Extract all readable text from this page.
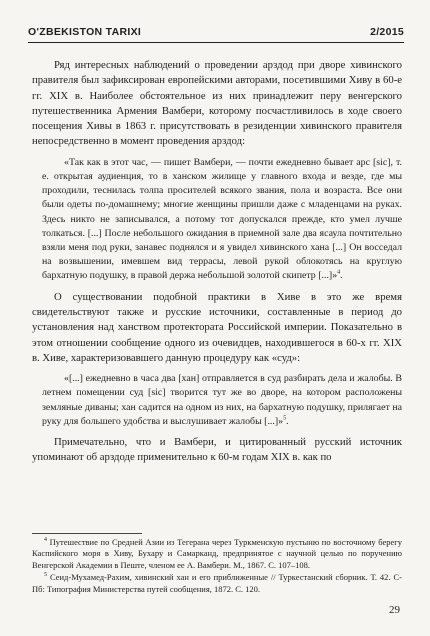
O'ZBEKISTON TARIXI	2/2015

Ряд интересных наблюдений о проведении арздод при дворе хивинского правителя был зафиксирован европейскими авторами, посетившими Хиву в 60-е гг. XIX в. Наиболее обстоятельное из них принадлежит перу венгерского путешественника Армения Вамбери, которому посчастливилось в ходе своего посещения Хивы в 1863 г. присутствовать в резиденции хивинского правителя непосредственно в момент проведения арздод:

«Так как в этот час, — пишет Вамбери, — почти ежедневно бывает арс [sic], т. е. открытая аудиенция, то в ханском жилище у главного входа и везде, где мы проходили, теснилась толпа просителей всякого звания, пола и возраста. Все они были одеты по-домашнему; многие женщины пришли даже с младенцами на руках. Здесь никто не записывался, а потому тот допускался прежде, кто умел лучше толкаться. [...] После небольшого ожидания в приемной зале два ясаула почтительно взяли меня под руки, занавес поднялся и я увидел хивинского хана [...] Он восседал на возвышении, имевшем вид террасы, левой рукой облокотясь на круглую бархатную подушку, в правой держа небольшой золотой скипетр [...]»$^4$.

О существовании подобной практики в Хиве в это же время свидетельствуют также и русские источники, составленные в период до установления над ханством протектората Российской империи. Показательно в этом отношении сообщение одного из очевидцев, находившегося в 60-х гг. XIX в. Хиве, характеризовавшего данную процедуру как «суд»:

«[...] ежедневно в часа два [хан] отправляется в суд разбирать дела и жалобы. В летнем помещении суд [sic] творится тут же во дворе, на котором расположены земляные диваны; хан садится на одном из них, на бархатную подушку, прилягает на руку для большего удобства и выслушивает жалобы [...]»$^5$.

Примечательно, что и Вамбери, и цитированный русский источник упоминают об арздоде применительно к 60-м годам XIX в. как по

$^4$ Путешествие по Средней Азии из Тегерана через Туркменскую пустыню по восточному берегу Каспийского моря в Хиву, Бухару и Самарканд, предпринятое с научной целью по поручению Венгерской Академии в Пеште, членом ее А. Вамбери. М., 1867. С. 107–108.

$^5$ Сеид-Мухамед-Рахим, хивинский хан и его приближенные // Туркестанский сборник. Т. 42. С-Пб: Типография Министерства путей сообщения, 1872. С. 120.

29
